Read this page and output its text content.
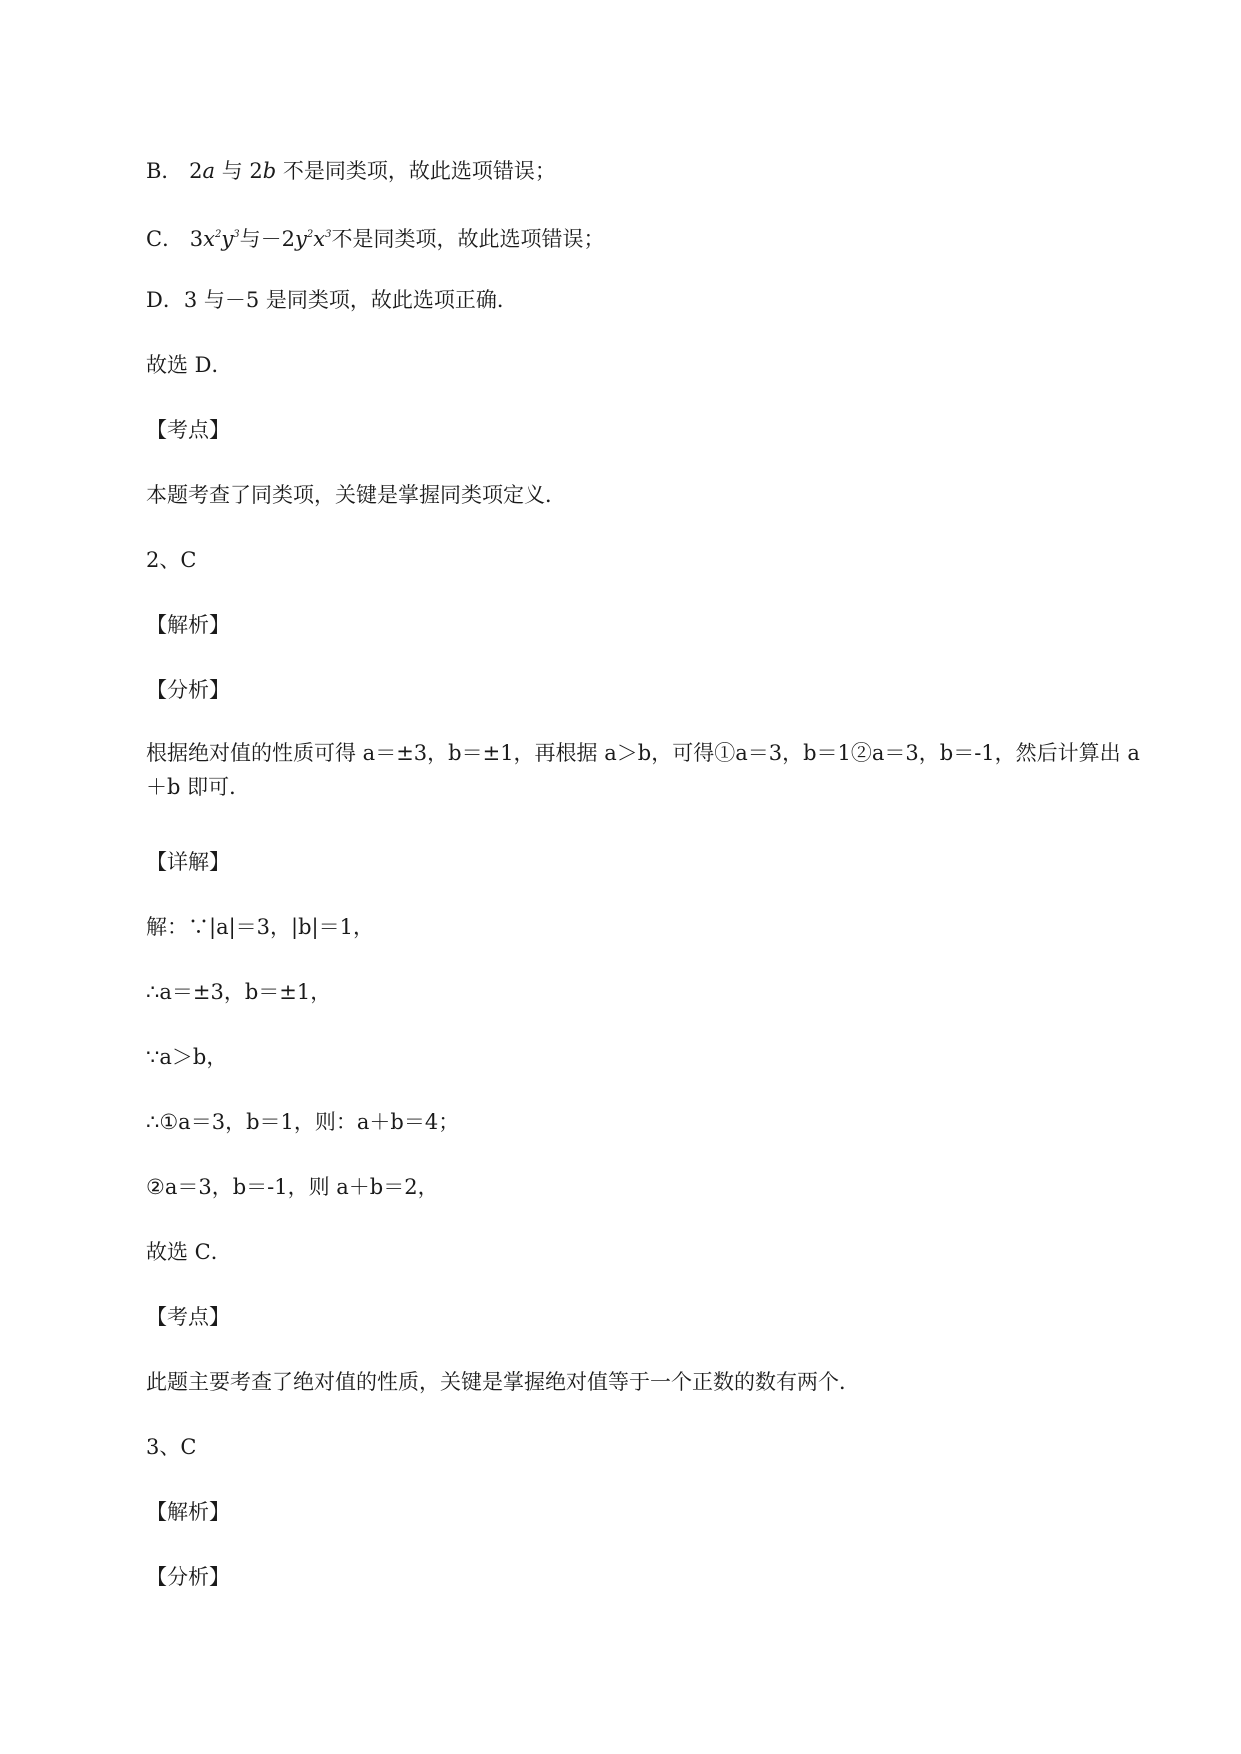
B． 2a 与 2b 不是同类项，故此选项错误；
C． $3x^2y^3$与$-2y^2x^3$不是同类项，故此选项错误；
D．3 与－5 是同类项，故此选项正确．
故选 D．
【考点】
本题考查了同类项，关键是掌握同类项定义．
2、C
【解析】
【分析】
根据绝对值的性质可得 a＝±3，b＝±1，再根据 a＞b，可得①a＝3，b＝1②a＝3，b＝-1，然后计算出 a＋b 即可．
【详解】
解：∵|a|＝3，|b|＝1，
∴a＝±3，b＝±1，
∵a＞b，
∴①a＝3，b＝1，则：a＋b＝4；
②a＝3，b＝-1，则 a＋b＝2，
故选 C．
【考点】
此题主要考查了绝对值的性质，关键是掌握绝对值等于一个正数的数有两个．
3、C
【解析】
【分析】
